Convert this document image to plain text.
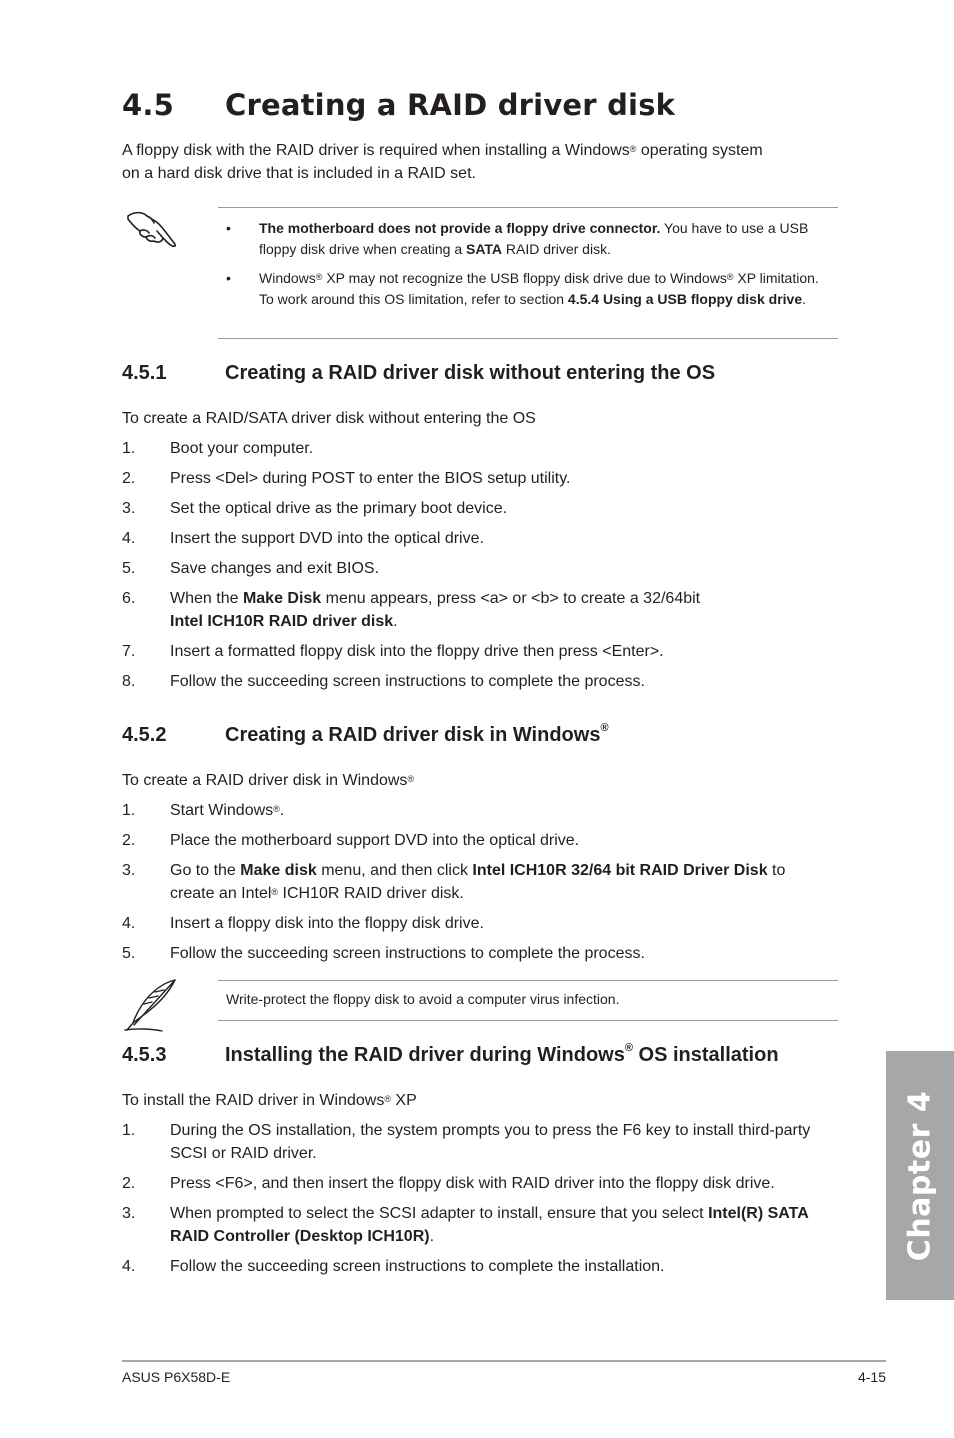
4.5 Creating a RAID driver disk
A floppy disk with the RAID driver is required when installing a Windows® operating system
on a hard disk drive that is included in a RAID set.
• The motherboard does not provide a floppy drive connector. You have to use a USB floppy disk drive when creating a SATA RAID driver disk.
• Windows® XP may not recognize the USB floppy disk drive due to Windows® XP limitation. To work around this OS limitation, refer to section 4.5.4 Using a USB floppy disk drive.
4.5.1	Creating a RAID driver disk without entering the OS
To create a RAID/SATA driver disk without entering the OS
1. Boot your computer.
2. Press <Del> during POST to enter the BIOS setup utility.
3. Set the optical drive as the primary boot device.
4. Insert the support DVD into the optical drive.
5. Save changes and exit BIOS.
6. When the Make Disk menu appears, press <a> or <b> to create a 32/64bit
Intel ICH10R RAID driver disk.
7. Insert a formatted floppy disk into the floppy drive then press <Enter>.
8. Follow the succeeding screen instructions to complete the process.
4.5.2	Creating a RAID driver disk in Windows®
To create a RAID driver disk in Windows®
1. Start Windows®.
2. Place the motherboard support DVD into the optical drive.
3. Go to the Make disk menu, and then click Intel ICH10R 32/64 bit RAID Driver Disk to
create an Intel® ICH10R RAID driver disk.
4. Insert a floppy disk into the floppy disk drive.
5. Follow the succeeding screen instructions to complete the process.
Write-protect the floppy disk to avoid a computer virus infection.
4.5.3	Installing the RAID driver during Windows® OS installation
To install the RAID driver in Windows® XP
1. During the OS installation, the system prompts you to press the F6 key to install third-party SCSI or RAID driver.
2. Press <F6>, and then insert the floppy disk with RAID driver into the floppy disk drive.
3. When prompted to select the SCSI adapter to install, ensure that you select Intel(R) SATA RAID Controller (Desktop ICH10R).
4. Follow the succeeding screen instructions to complete the installation.
Chapter 4
ASUS P6X58D-E	4-15
